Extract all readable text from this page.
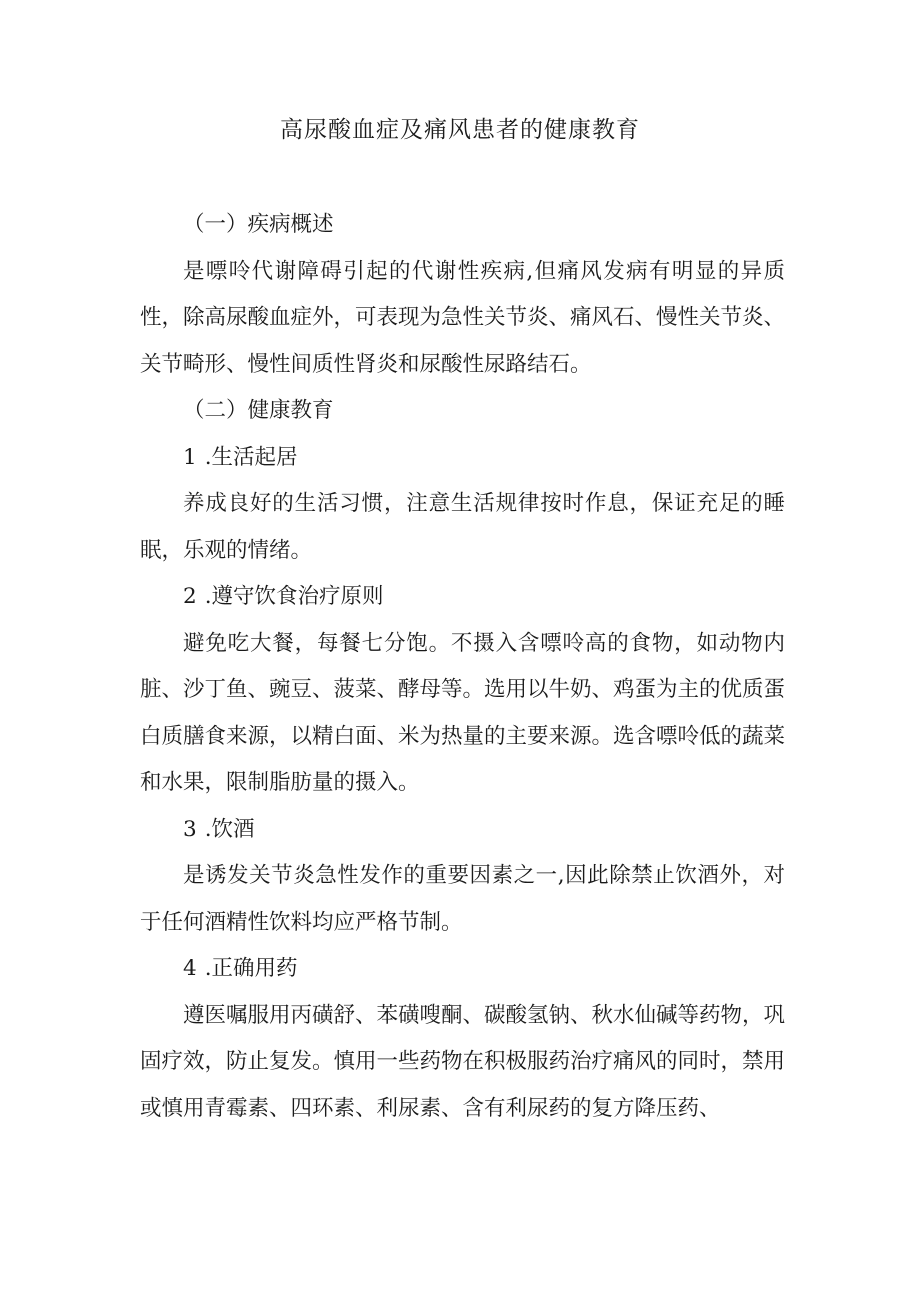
高尿酸血症及痛风患者的健康教育

（一）疾病概述

是嘌呤代谢障碍引起的代谢性疾病,但痛风发病有明显的异质性，除高尿酸血症外，可表现为急性关节炎、痛风石、慢性关节炎、关节畸形、慢性间质性肾炎和尿酸性尿路结石。

（二）健康教育

1 .生活起居

养成良好的生活习惯，注意生活规律按时作息，保证充足的睡眠，乐观的情绪。

2 .遵守饮食治疗原则

避免吃大餐，每餐七分饱。不摄入含嘌呤高的食物，如动物内脏、沙丁鱼、豌豆、菠菜、酵母等。选用以牛奶、鸡蛋为主的优质蛋白质膳食来源，以精白面、米为热量的主要来源。选含嘌呤低的蔬菜和水果，限制脂肪量的摄入。

3 .饮酒

是诱发关节炎急性发作的重要因素之一,因此除禁止饮酒外，对于任何酒精性饮料均应严格节制。

4 .正确用药

遵医嘱服用丙磺舒、苯磺嗖酮、碳酸氢钠、秋水仙碱等药物，巩固疗效，防止复发。慎用一些药物在积极服药治疗痛风的同时，禁用或慎用青霉素、四环素、利尿素、含有利尿药的复方降压药、
